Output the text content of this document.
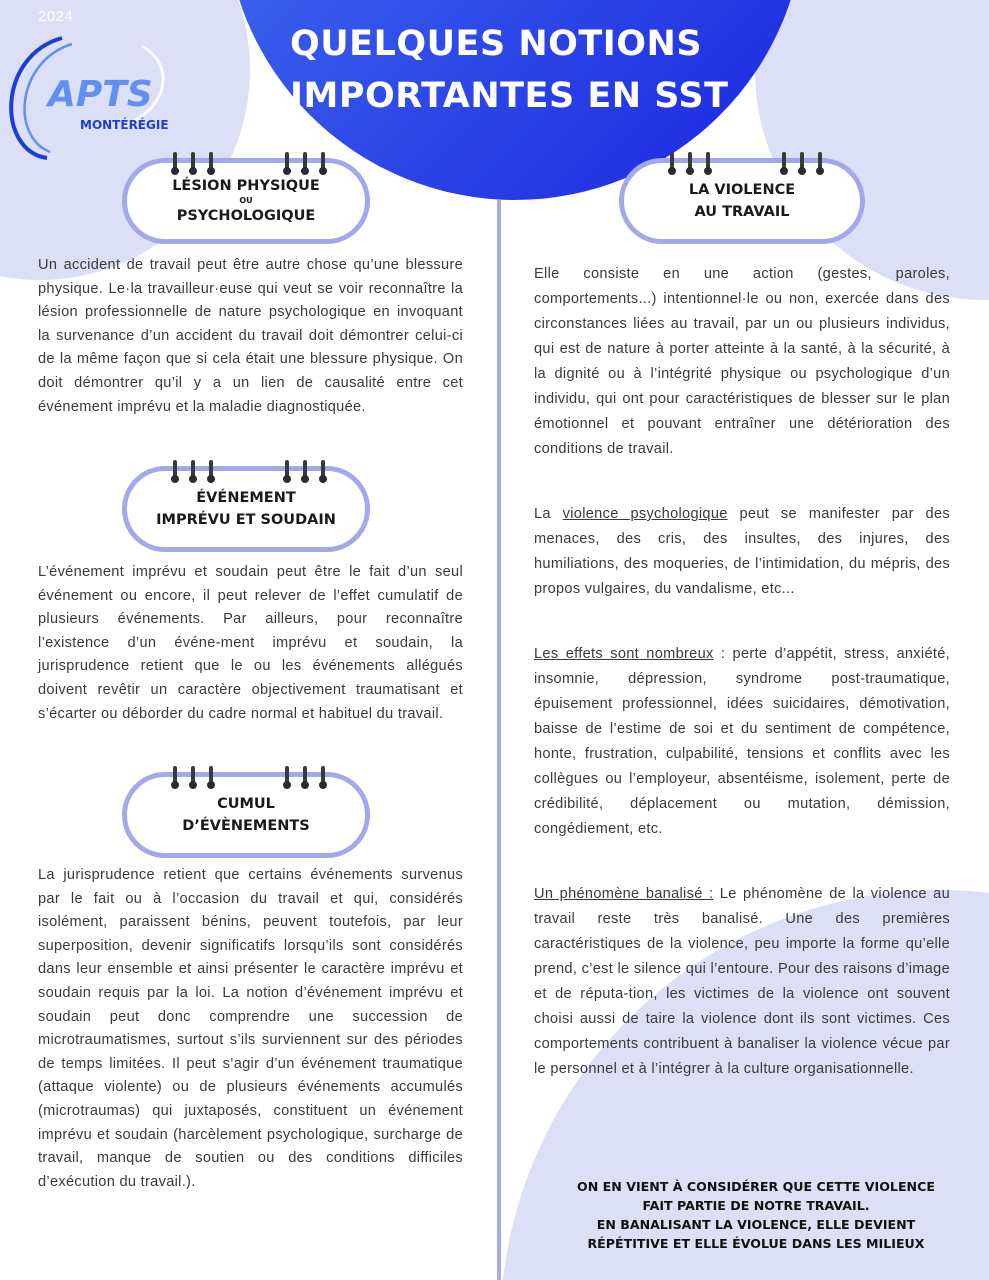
2024
APTS
MONTÉRÉGIE
QUELQUES NOTIONS
IMPORTANTES EN SST
LÉSION PHYSIQUE
OU
PSYCHOLOGIQUE

Un accident de travail peut être autre chose qu’une blessure physique. Le·la travailleur·euse qui veut se voir reconnaître la lésion professionnelle de nature psychologique en invoquant la survenance d’un accident du travail doit démontrer celui-ci de la même façon que si cela était une blessure physique. On doit démontrer qu’il y a un lien de causalité entre cet événement imprévu et la maladie diagnostiquée.

ÉVÉNEMENT
IMPRÉVU ET SOUDAIN

L’événement imprévu et soudain peut être le fait d’un seul événement ou encore, il peut relever de l’effet cumulatif de plusieurs événements. Par ailleurs, pour reconnaître l’existence d’un événe-ment imprévu et soudain, la jurisprudence retient que le ou les événements allégués doivent revêtir un caractère objectivement traumatisant et s’écarter ou déborder du cadre normal et habituel du travail.

CUMUL
D’ÉVÈNEMENTS

La jurisprudence retient que certains événements survenus par le fait ou à l’occasion du travail et qui, considérés isolément, paraissent bénins, peuvent toutefois, par leur superposition, devenir significatifs lorsqu’ils sont considérés dans leur ensemble et ainsi présenter le caractère imprévu et soudain requis par la loi. La notion d’événement imprévu et soudain peut donc comprendre une succession de microtraumatismes, surtout s’ils surviennent sur des périodes de temps limitées. Il peut s’agir d’un événement traumatique (attaque violente) ou de plusieurs événements accumulés (microtraumas) qui juxtaposés, constituent un événement imprévu et soudain (harcèlement psychologique, surcharge de travail, manque de soutien ou des conditions difficiles d’exécution du travail.).

LA VIOLENCE
AU TRAVAIL

Elle consiste en une action (gestes, paroles, comportements...) intentionnel·le ou non, exercée dans des circonstances liées au travail, par un ou plusieurs individus, qui est de nature à porter atteinte à la santé, à la sécurité, à la dignité ou à l’intégrité physique ou psychologique d’un individu, qui ont pour caractéristiques de blesser sur le plan émotionnel et pouvant entraîner une détérioration des conditions de travail.

La violence psychologique peut se manifester par des menaces, des cris, des insultes, des injures, des humiliations, des moqueries, de l’intimidation, du mépris, des propos vulgaires, du vandalisme, etc...

Les effets sont nombreux : perte d’appétit, stress, anxiété, insomnie, dépression, syndrome post-traumatique, épuisement professionnel, idées suicidaires, démotivation, baisse de l’estime de soi et du sentiment de compétence, honte, frustration, culpabilité, tensions et conflits avec les collègues ou l’employeur, absentéisme, isolement, perte de crédibilité, déplacement ou mutation, démission, congédiement, etc.

Un phénomène banalisé : Le phénomène de la violence au travail reste très banalisé. Une des premières caractéristiques de la violence, peu importe la forme qu’elle prend, c’est le silence qui l’entoure. Pour des raisons d’image et de réputa-tion, les victimes de la violence ont souvent choisi aussi de taire la violence dont ils sont victimes. Ces comportements contribuent à banaliser la violence vécue par le personnel et à l’intégrer à la culture organisationnelle.

ON EN VIENT À CONSIDÉRER QUE CETTE VIOLENCE
FAIT PARTIE DE NOTRE TRAVAIL.
EN BANALISANT LA VIOLENCE, ELLE DEVIENT
RÉPÉTITIVE ET ELLE ÉVOLUE DANS LES MILIEUX
